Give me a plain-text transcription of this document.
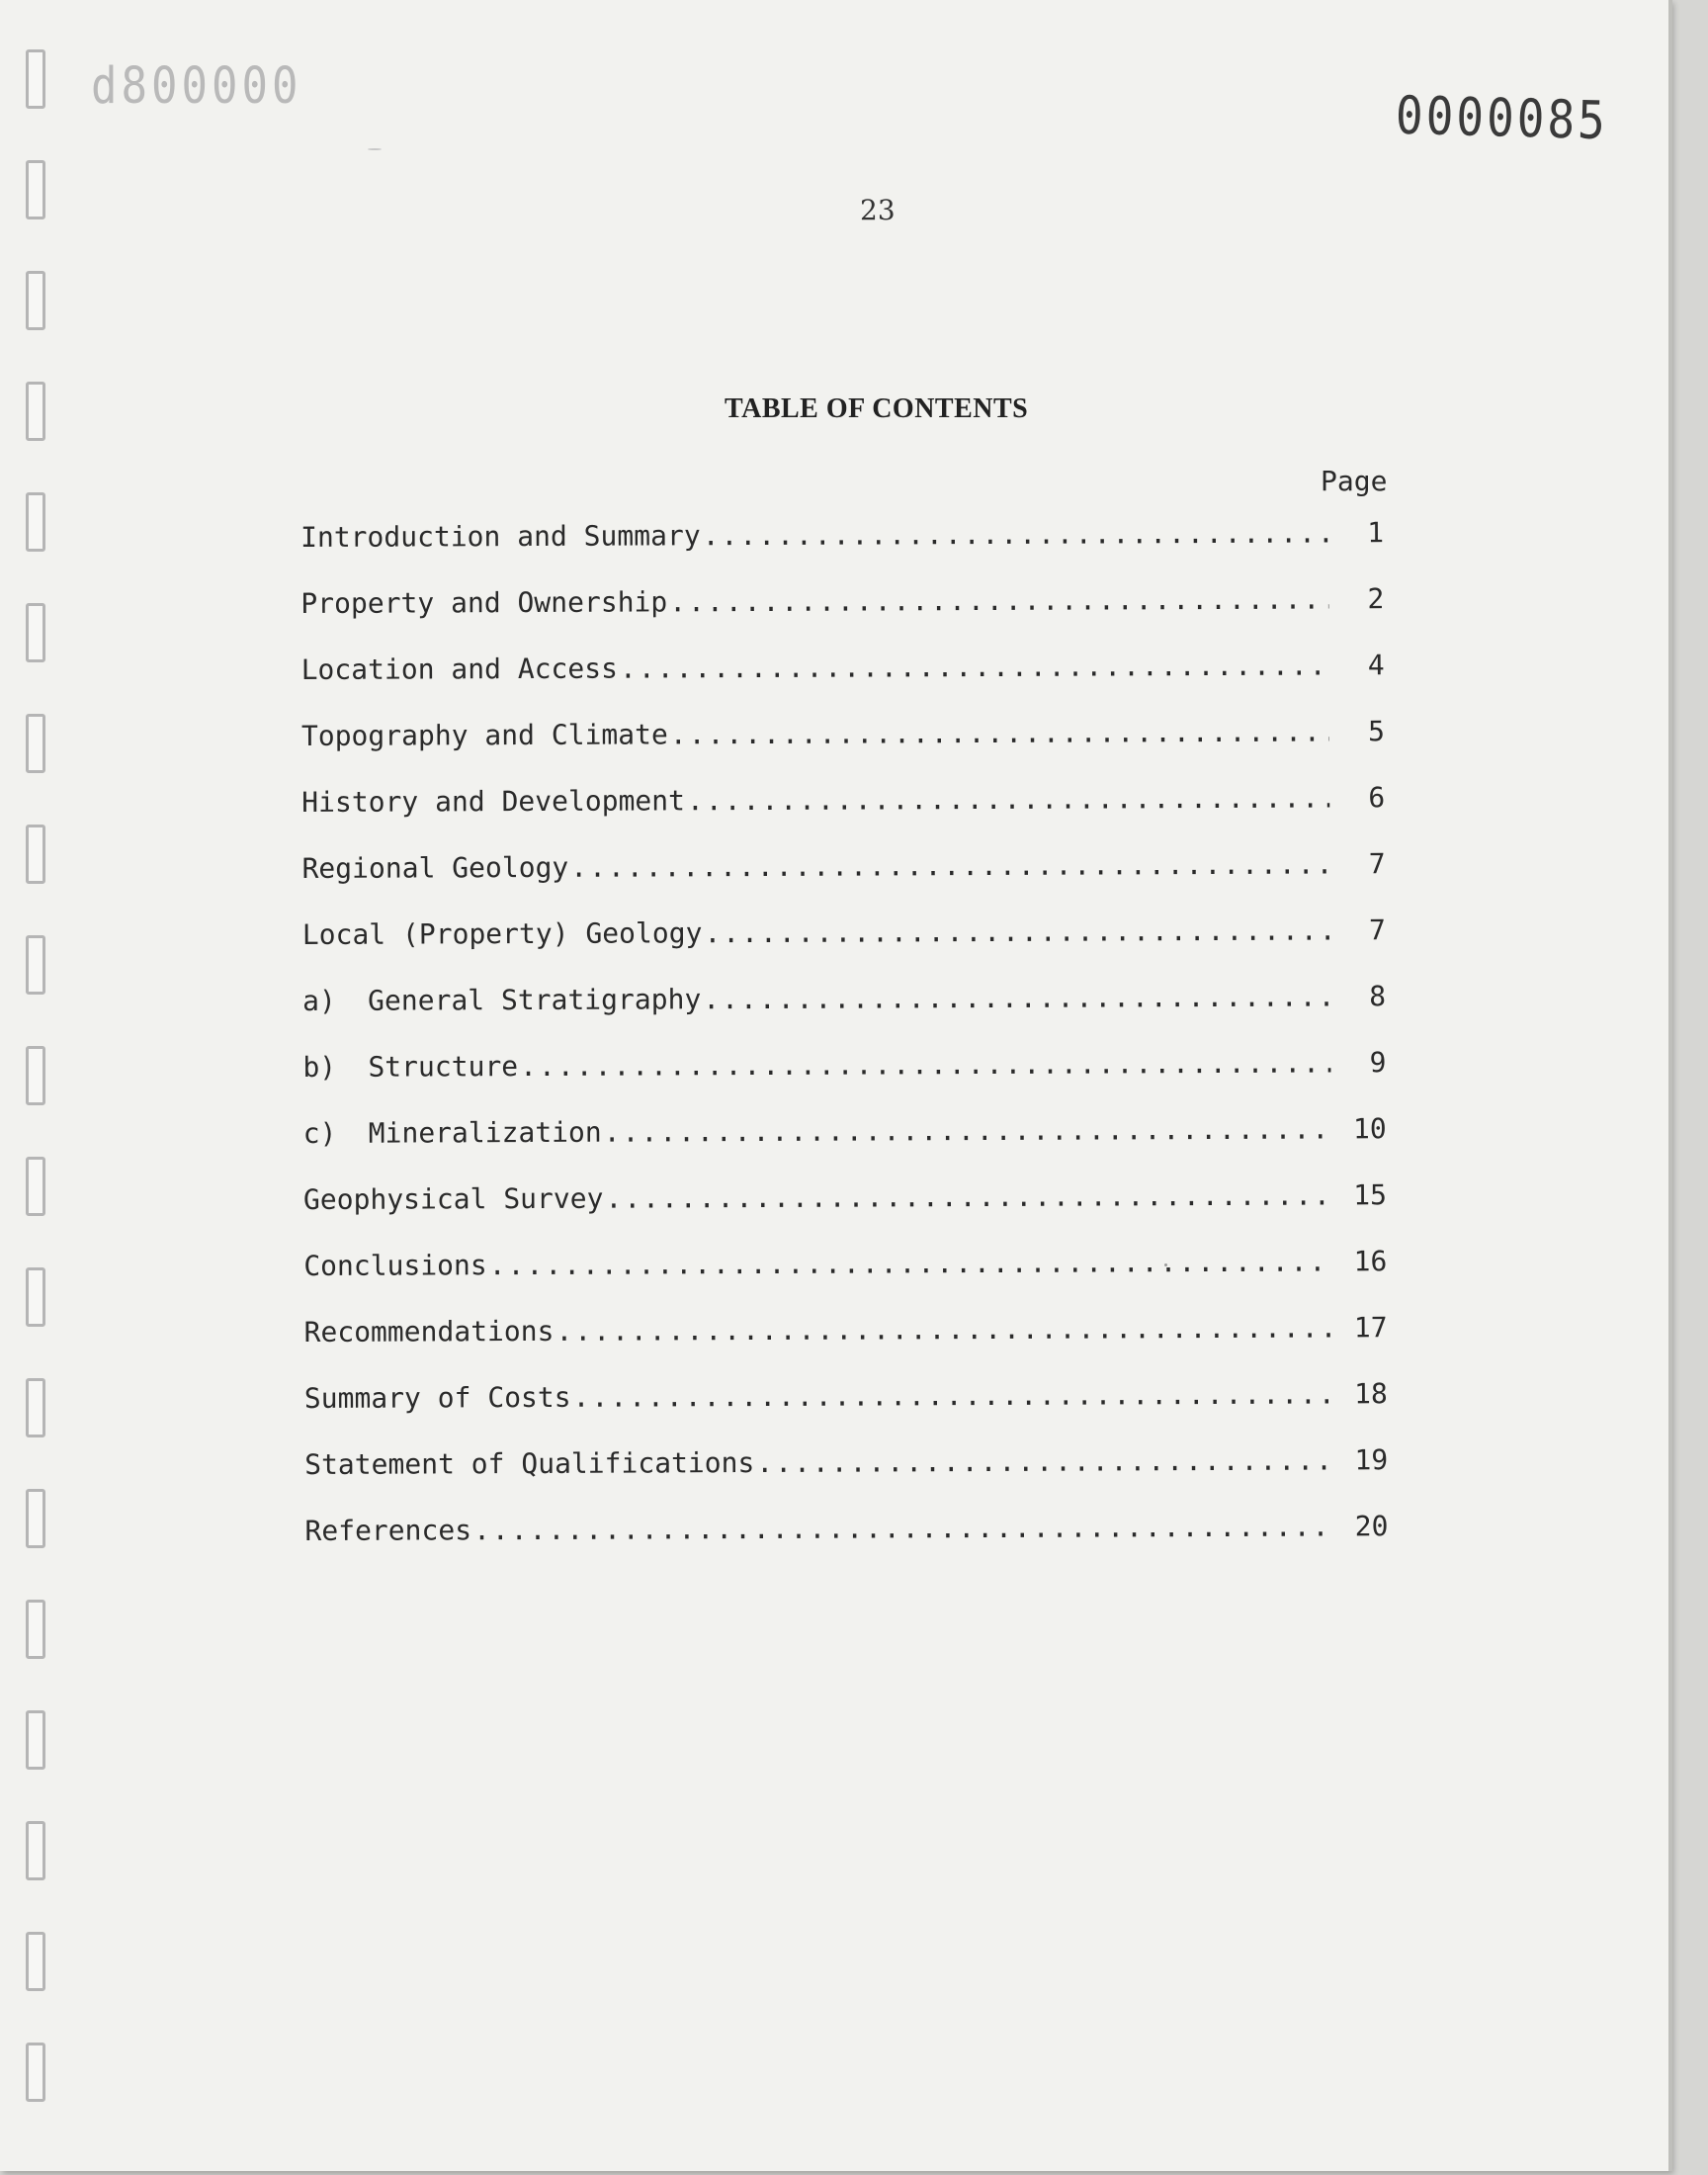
d800000	0000085
23
TABLE OF CONTENTS
Page
Introduction and Summary .....	1
Property and Ownership .....	2
Location and Access .....	4
Topography and Climate .....	5
History and Development .....	6
Regional Geology .....	7
Local (Property) Geology .....	7
a) General Stratigraphy .....	8
b) Structure .....	9
c) Mineralization .....	10
Geophysical Survey .....	15
Conclusions .....	16
Recommendations .....	17
Summary of Costs .....	18
Statement of Qualifications .....	19
References .....	20
